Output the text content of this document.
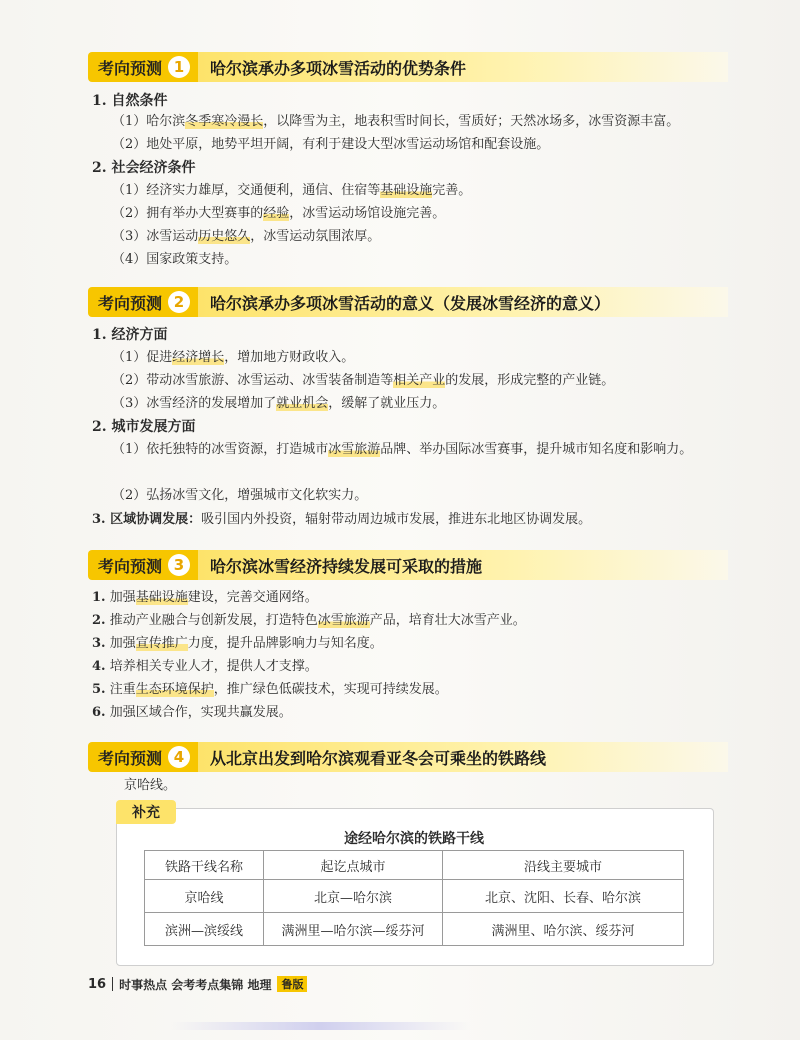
考向预测 1	哈尔滨承办多项冰雪活动的优势条件
1. 自然条件
（1）哈尔滨冬季寒冷漫长，以降雪为主，地表积雪时间长，雪质好；天然冰场多，冰雪资源丰富。
（2）地处平原，地势平坦开阔，有利于建设大型冰雪运动场馆和配套设施。
2. 社会经济条件
（1）经济实力雄厚，交通便利，通信、住宿等基础设施完善。
（2）拥有举办大型赛事的经验，冰雪运动场馆设施完善。
（3）冰雪运动历史悠久，冰雪运动氛围浓厚。
（4）国家政策支持。
考向预测 2	哈尔滨承办多项冰雪活动的意义（发展冰雪经济的意义）
1. 经济方面
（1）促进经济增长，增加地方财政收入。
（2）带动冰雪旅游、冰雪运动、冰雪装备制造等相关产业的发展，形成完整的产业链。
（3）冰雪经济的发展增加了就业机会，缓解了就业压力。
2. 城市发展方面
（1）依托独特的冰雪资源，打造城市冰雪旅游品牌、举办国际冰雪赛事，提升城市知名度和影响力。
（2）弘扬冰雪文化，增强城市文化软实力。
3. 区域协调发展：吸引国内外投资，辐射带动周边城市发展，推进东北地区协调发展。
考向预测 3	哈尔滨冰雪经济持续发展可采取的措施
1. 加强基础设施建设，完善交通网络。
2. 推动产业融合与创新发展，打造特色冰雪旅游产品，培育壮大冰雪产业。
3. 加强宣传推广力度，提升品牌影响力与知名度。
4. 培养相关专业人才，提供人才支撑。
5. 注重生态环境保护，推广绿色低碳技术，实现可持续发展。
6. 加强区域合作，实现共赢发展。
考向预测 4	从北京出发到哈尔滨观看亚冬会可乘坐的铁路线
京哈线。
补充
途经哈尔滨的铁路干线
铁路干线名称	起讫点城市	沿线主要城市
京哈线	北京—哈尔滨	北京、沈阳、长春、哈尔滨
滨洲—滨绥线	满洲里—哈尔滨—绥芬河	满洲里、哈尔滨、绥芬河
16 时事热点 会考考点集锦 地理 鲁版
